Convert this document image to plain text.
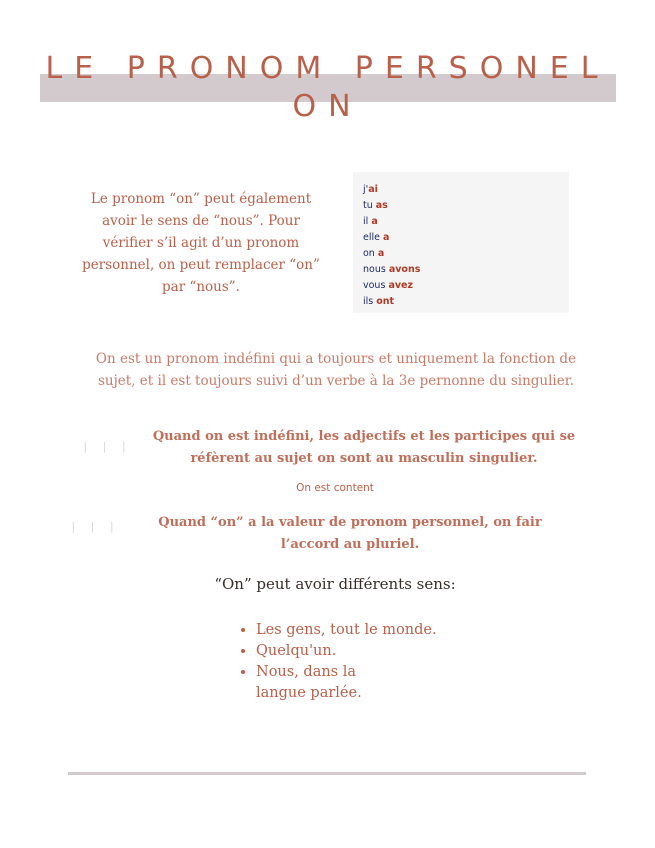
LE PRONOM PERSONEL
ON

Le pronom “on” peut également avoir le sens de “nous”. Pour vérifier s’il agit d’un pronom personnel, on peut remplacer “on” par “nous”.

j'ai
tu as
il a
elle a
on a
nous avons
vous avez
ils ont

On est un pronom indéfini qui a toujours et uniquement la fonction de sujet, et il est toujours suivi d’un verbe à la 3e pernonne du singulier.

| | |

Quand on est indéfini, les adjectifs et les participes qui se réfèrent au sujet on sont au masculin singulier.

On est content

| | |	Quand “on” a la valeur de pronom personnel, on fair l’accord au pluriel.

“On” peut avoir différents sens:

• Les gens, tout le monde.
• Quelqu'un.
• Nous, dans la langue parlée.
